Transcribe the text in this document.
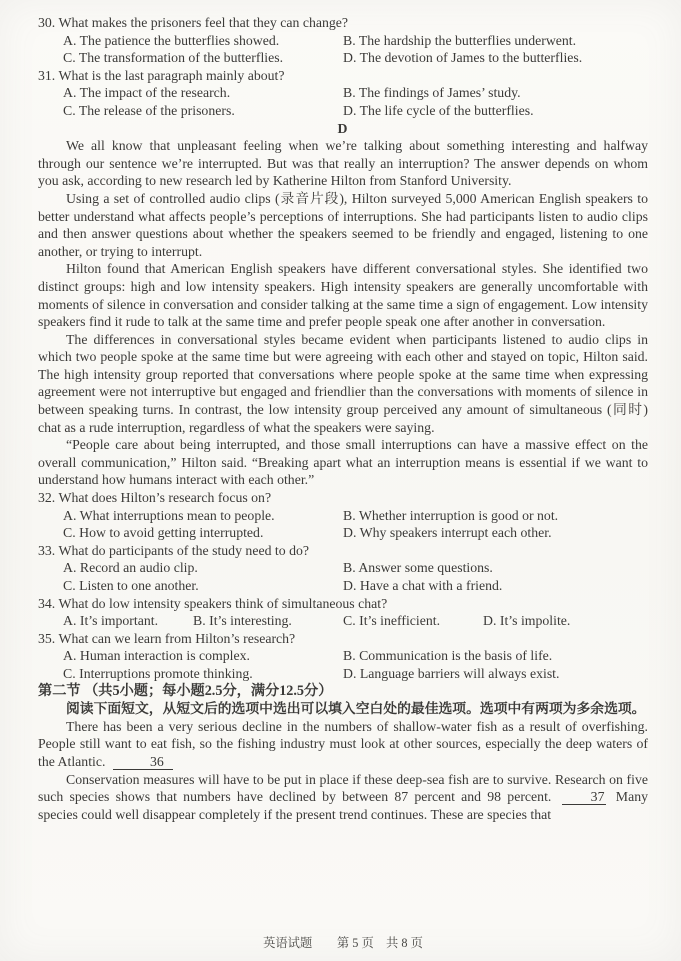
30. What makes the prisoners feel that they can change?

A. The patience the butterflies showed.	B. The hardship the butterflies underwent.
C. The transformation of the butterflies.	D. The devotion of James to the butterflies.

31. What is the last paragraph mainly about?

A. The impact of the research.	B. The findings of James’ study.
C. The release of the prisoners.	D. The life cycle of the butterflies.

D

We all know that unpleasant feeling when we’re talking about something interesting and halfway through our sentence we’re interrupted. But was that really an interruption? The answer depends on whom you ask, according to new research led by Katherine Hilton from Stanford University.

Using a set of controlled audio clips (录音片段), Hilton surveyed 5,000 American English speakers to better understand what affects people’s perceptions of interruptions. She had participants listen to audio clips and then answer questions about whether the speakers seemed to be friendly and engaged, listening to one another, or trying to interrupt.

Hilton found that American English speakers have different conversational styles. She identified two distinct groups: high and low intensity speakers. High intensity speakers are generally uncomfortable with moments of silence in conversation and consider talking at the same time a sign of engagement. Low intensity speakers find it rude to talk at the same time and prefer people speak one after another in conversation.

The differences in conversational styles became evident when participants listened to audio clips in which two people spoke at the same time but were agreeing with each other and stayed on topic, Hilton said. The high intensity group reported that conversations where people spoke at the same time when expressing agreement were not interruptive but engaged and friendlier than the conversations with moments of silence in between speaking turns. In contrast, the low intensity group perceived any amount of simultaneous (同时) chat as a rude interruption, regardless of what the speakers were saying.

“People care about being interrupted, and those small interruptions can have a massive effect on the overall communication,” Hilton said. “Breaking apart what an interruption means is essential if we want to understand how humans interact with each other.”

32. What does Hilton’s research focus on?

A. What interruptions mean to people.	B. Whether interruption is good or not.
C. How to avoid getting interrupted.	D. Why speakers interrupt each other.

33. What do participants of the study need to do?

A. Record an audio clip.	B. Answer some questions.
C. Listen to one another.	D. Have a chat with a friend.

34. What do low intensity speakers think of simultaneous chat?

A. It’s important.	B. It’s interesting.	C. It’s inefficient.	D. It’s impolite.

35. What can we learn from Hilton’s research?

A. Human interaction is complex.	B. Communication is the basis of life.
C. Interruptions promote thinking.	D. Language barriers will always exist.

第二节 （共5小题；每小题2.5分，满分12.5分）

阅读下面短文，从短文后的选项中选出可以填入空白处的最佳选项。选项中有两项为多余选项。

There has been a very serious decline in the numbers of shallow-water fish as a result of overfishing. People still want to eat fish, so the fishing industry must look at other sources, especially the deep waters of the Atlantic.	36

Conservation measures will have to be put in place if these deep-sea fish are to survive. Research on five such species shows that numbers have declined by between 87 percent and 98 percent.	37 Many species could well disappear completely if the present trend continues. These are species that

英语试题　　第 5 页　共 8 页
